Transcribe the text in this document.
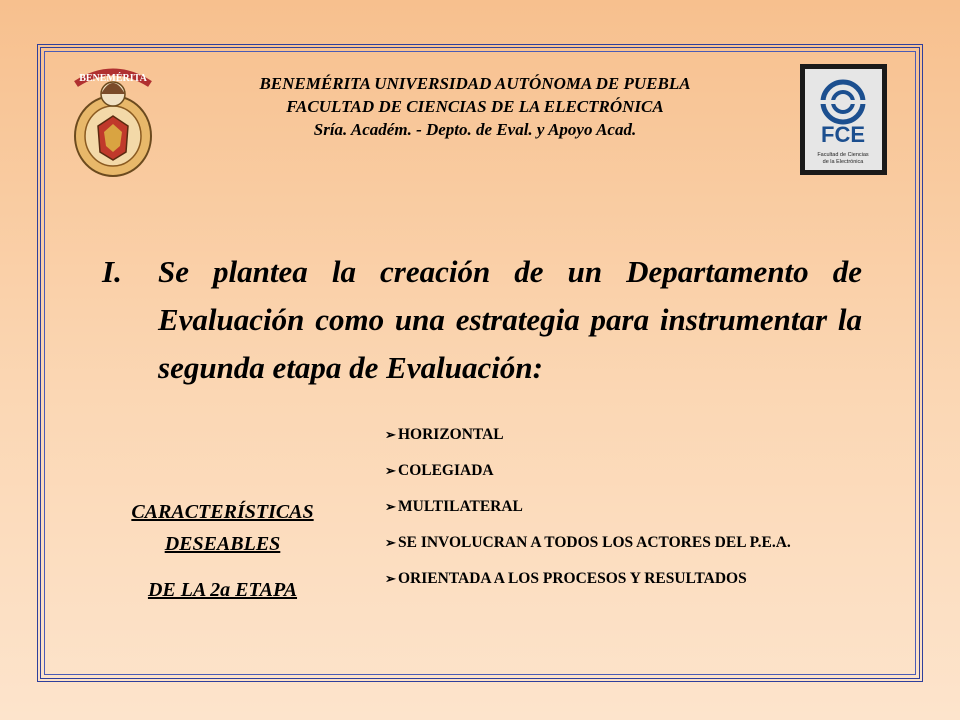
BENEMÉRITA	BENEMÉRITA UNIVERSIDAD AUTÓNOMA DE PUEBLA
FACULTAD DE CIENCIAS DE LA ELECTRÓNICA
Sría. Académ. - Depto. de Eval. y Apoyo Acad.	FCE
Facultad de Ciencias
de la Electrónica
I. Se plantea la creación de un Departamento de Evaluación como una estrategia para instrumentar la segunda etapa de Evaluación:
CARACTERÍSTICAS
DESEABLES
DE LA 2a ETAPA
➢ HORIZONTAL
➢ COLEGIADA
➢ MULTILATERAL
➢ SE INVOLUCRAN A TODOS LOS ACTORES DEL P.E.A.
➢ ORIENTADA A LOS PROCESOS Y RESULTADOS
